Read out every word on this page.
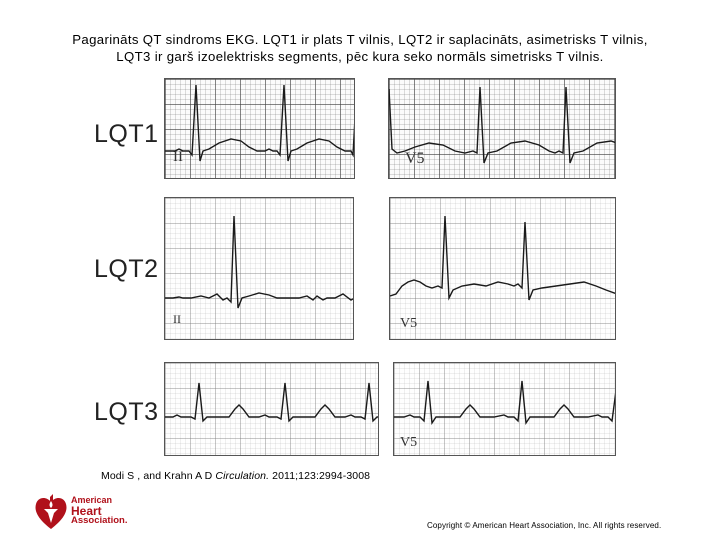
Pagarināts QT sindroms EKG. LQT1 ir plats T vilnis, LQT2 ir saplacināts, asimetrisks T vilnis,
LQT3 ir garš izoelektrisks segments, pēc kura seko normāls simetrisks T vilnis.
LQT1
II	V5
LQT2
II	V5
LQT3
V5
Modi S , and Krahn A D Circulation. 2011;123:2994-3008
American
Heart
Association.	Copyright © American Heart Association, Inc. All rights reserved.
